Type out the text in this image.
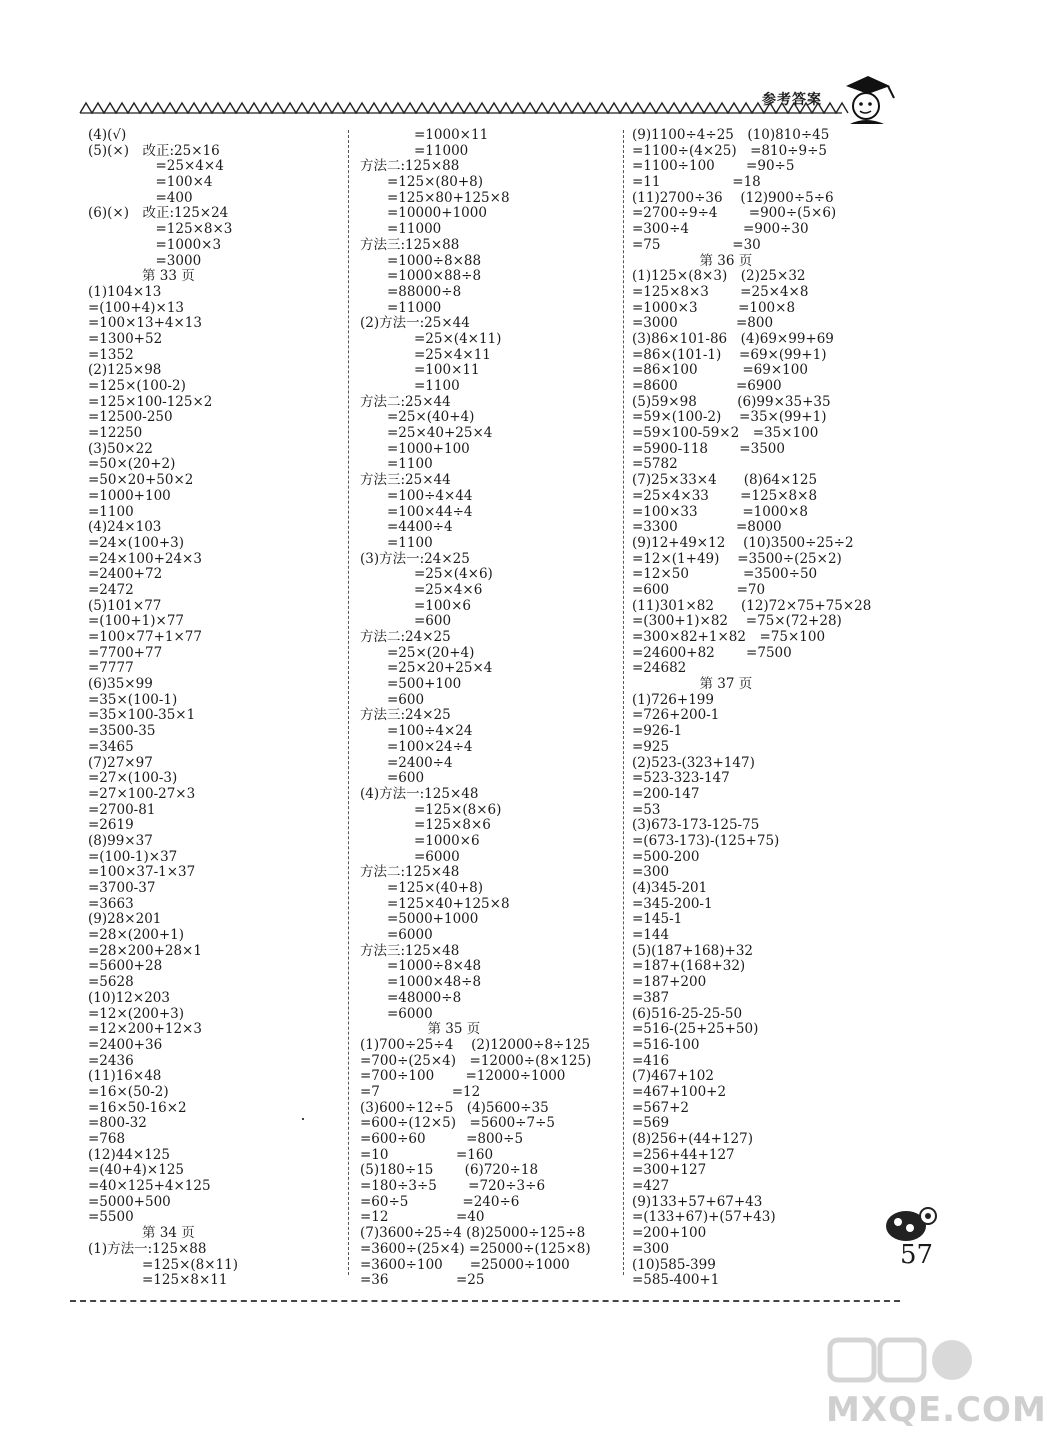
参考答案
(4)(√)
(5)(×)　改正:25×16
　　　　　=25×4×4
　　　　　=100×4
　　　　　=400
(6)(×)　改正:125×24
　　　　　=125×8×3
　　　　　=1000×3
　　　　　=3000
　　　　第 33 页
(1)104×13
=(100+4)×13
=100×13+4×13
=1300+52
=1352
(2)125×98
=125×(100-2)
=125×100-125×2
=12500-250
=12250
(3)50×22
=50×(20+2)
=50×20+50×2
=1000+100
=1100
(4)24×103
=24×(100+3)
=24×100+24×3
=2400+72
=2472
(5)101×77
=(100+1)×77
=100×77+1×77
=7700+77
=7777
(6)35×99
=35×(100-1)
=35×100-35×1
=3500-35
=3465
(7)27×97
=27×(100-3)
=27×100-27×3
=2700-81
=2619
(8)99×37
=(100-1)×37
=100×37-1×37
=3700-37
=3663
(9)28×201
=28×(200+1)
=28×200+28×1
=5600+28
=5628
(10)12×203
=12×(200+3)
=12×200+12×3
=2400+36
=2436
(11)16×48
=16×(50-2)
=16×50-16×2
=800-32
=768
(12)44×125
=(40+4)×125
=40×125+4×125
=5000+500
=5500
　　　　第 34 页
(1)方法一:125×88
　　　　=125×(8×11)
　　　　=125×8×11
　　　　=1000×11
　　　　=11000
方法二:125×88
　　=125×(80+8)
　　=125×80+125×8
　　=10000+1000
　　=11000
方法三:125×88
　　=1000÷8×88
　　=1000×88÷8
　　=88000÷8
　　=11000
(2)方法一:25×44
　　　　=25×(4×11)
　　　　=25×4×11
　　　　=100×11
　　　　=1100
方法二:25×44
　　=25×(40+4)
　　=25×40+25×4
　　=1000+100
　　=1100
方法三:25×44
　　=100÷4×44
　　=100×44÷4
　　=4400÷4
　　=1100
(3)方法一:24×25
　　　　=25×(4×6)
　　　　=25×4×6
　　　　=100×6
　　　　=600
方法二:24×25
　　=25×(20+4)
　　=25×20+25×4
　　=500+100
　　=600
方法三:24×25
　　=100÷4×24
　　=100×24÷4
　　=2400÷4
　　=600
(4)方法一:125×48
　　　　=125×(8×6)
　　　　=125×8×6
　　　　=1000×6
　　　　=6000
方法二:125×48
　　=125×(40+8)
　　=125×40+125×8
　　=5000+1000
　　=6000
方法三:125×48
　　=1000÷8×48
　　=1000×48÷8
　　=48000÷8
　　=6000
　　　　　第 35 页
(1)700÷25÷4　 (2)12000÷8÷125
=700÷(25×4)　=12000÷(8×125)
=700÷100　　 =12000÷1000
=7　　　　　 =12
(3)600÷12÷5　(4)5600÷35
=600÷(12×5)　=5600÷7÷5
=600÷60　　　=800÷5
=10　　　　　=160
(5)180÷15　　 (6)720÷18
=180÷3÷5　　 =720÷3÷6
=60÷5　　　　=240÷6
=12　　　　　=40
(7)3600÷25÷4 (8)25000÷125÷8
=3600÷(25×4) =25000÷(125×8)
=3600÷100　　=25000÷1000
=36　　　　　=25
(9)1100÷4÷25　(10)810÷45
=1100÷(4×25)　=810÷9÷5
=1100÷100　　 =90÷5
=11　　　　　 =18
(11)2700÷36　 (12)900÷5÷6
=2700÷9÷4　　 =900÷(5×6)
=300÷4　　　　=900÷30
=75　　　　　 =30
　　　　　第 36 页
(1)125×(8×3)　(2)25×32
=125×8×3　　 =25×4×8
=1000×3　　　=100×8
=3000　　　　 =800
(3)86×101-86　(4)69×99+69
=86×(101-1)　 =69×(99+1)
=86×100　　　 =69×100
=8600　　　　 =6900
(5)59×98　　　(6)99×35+35
=59×(100-2)　 =35×(99+1)
=59×100-59×2　=35×100
=5900-118　　 =3500
=5782
(7)25×33×4　　(8)64×125
=25×4×33　　 =125×8×8
=100×33　　　 =1000×8
=3300　　　　 =8000
(9)12+49×12　 (10)3500÷25÷2
=12×(1+49)　 =3500÷(25×2)
=12×50　　　　=3500÷50
=600　　　　　=70
(11)301×82　　(12)72×75+75×28
=(300+1)×82　 =75×(72+28)
=300×82+1×82　=75×100
=24600+82　　 =7500
=24682
　　　　　第 37 页
(1)726+199
=726+200-1
=926-1
=925
(2)523-(323+147)
=523-323-147
=200-147
=53
(3)673-173-125-75
=(673-173)-(125+75)
=500-200
=300
(4)345-201
=345-200-1
=145-1
=144
(5)(187+168)+32
=187+(168+32)
=187+200
=387
(6)516-25-25-50
=516-(25+25+50)
=516-100
=416
(7)467+102
=467+100+2
=567+2
=569
(8)256+(44+127)
=256+44+127
=300+127
=427
(9)133+57+67+43
=(133+67)+(57+43)
=200+100
=300
(10)585-399
=585-400+1
57
MXQE.COM
